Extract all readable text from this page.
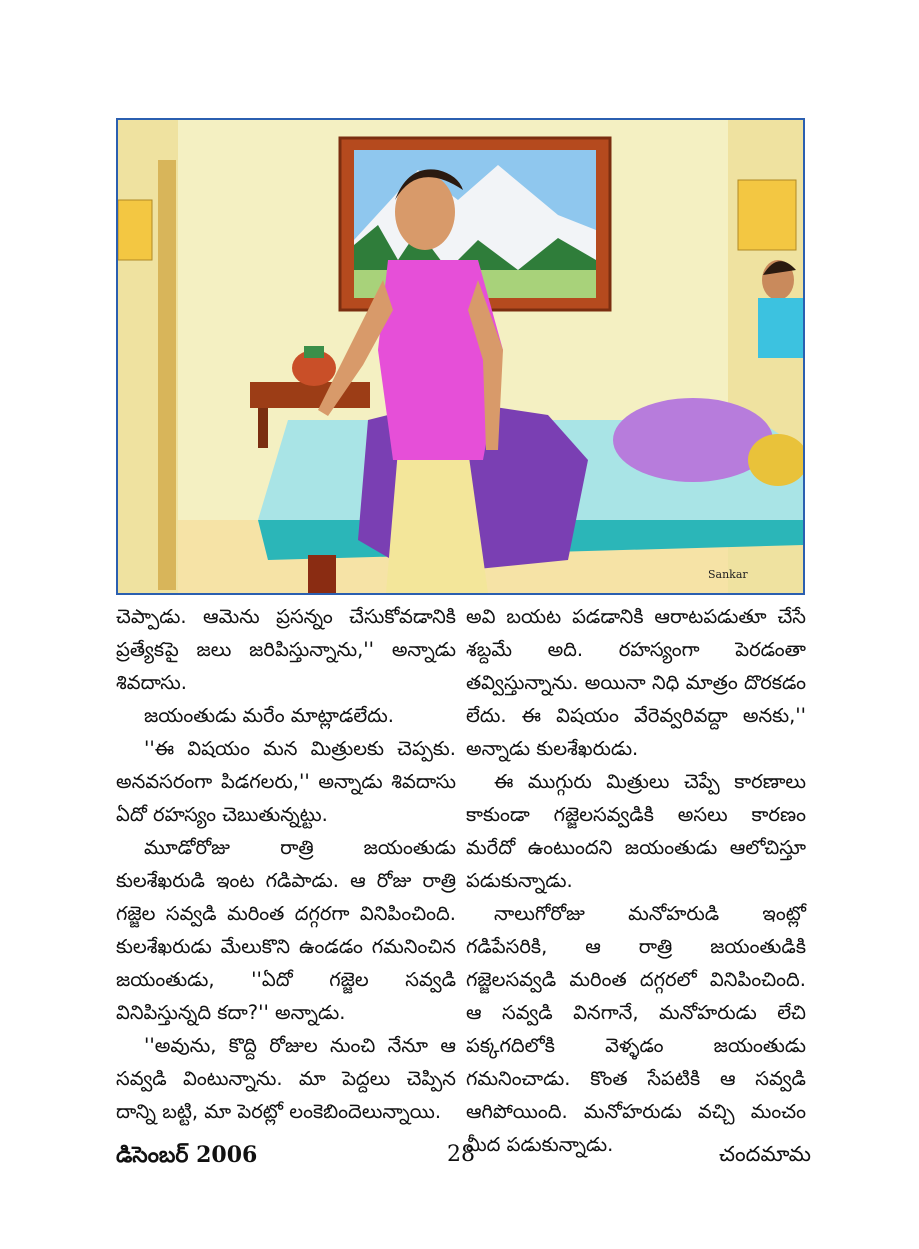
Sankar

చెప్పాడు. ఆమెను ప్రసన్నం చేసుకోవడానికి ప్రత్యేకపై జలు జరిపిస్తున్నాను,'' అన్నాడు శివదాసు.

జయంతుడు మరేం మాట్లాడలేదు.

''ఈ విషయం మన మిత్రులకు చెప్పకు. అనవసరంగా పిడగలరు,'' అన్నాడు శివదాసు ఏదో రహస్యం చెబుతున్నట్టు.

మూడోరోజు రాత్రి జయంతుడు కులశేఖరుడి ఇంట గడిపాడు. ఆ రోజు రాత్రి గజ్జెల సవ్వడి మరింత దగ్గరగా వినిపించింది. కులశేఖరుడు మేలుకొని ఉండడం గమనించిన జయంతుడు, ''ఏదో గజ్జెల సవ్వడి వినిపిస్తున్నది కదా?'' అన్నాడు.

''అవును, కొద్ది రోజుల నుంచి నేనూ ఆ సవ్వడి వింటున్నాను. మా పెద్దలు చెప్పిన దాన్ని బట్టి, మా పెరట్లో లంకెబిందెలున్నాయి.

అవి బయట పడడానికి ఆరాటపడుతూ చేసే శబ్దమే అది. రహస్యంగా పెరడంతా తవ్విస్తున్నాను. అయినా నిధి మాత్రం దొరకడం లేదు. ఈ విషయం వేరెవ్వరివద్దా అనకు,'' అన్నాడు కులశేఖరుడు.

ఈ ముగ్గురు మిత్రులు చెప్పే కారణాలు కాకుండా గజ్జెలసవ్వడికి అసలు కారణం మరేదో ఉంటుందని జయంతుడు ఆలోచిస్తూ పడుకున్నాడు.

నాలుగోరోజు మనోహరుడి ఇంట్లో గడిపేసరికి, ఆ రాత్రి జయంతుడికి గజ్జెలసవ్వడి మరింత దగ్గరలో వినిపించింది. ఆ సవ్వడి వినగానే, మనోహరుడు లేచి పక్కగదిలోకి వెళ్ళడం జయంతుడు గమనించాడు. కొంత సేపటికి ఆ సవ్వడి ఆగిపోయింది. మనోహరుడు వచ్చి మంచం మీద పడుకున్నాడు.

డిసెంబర్ 2006	28	చందమామ
